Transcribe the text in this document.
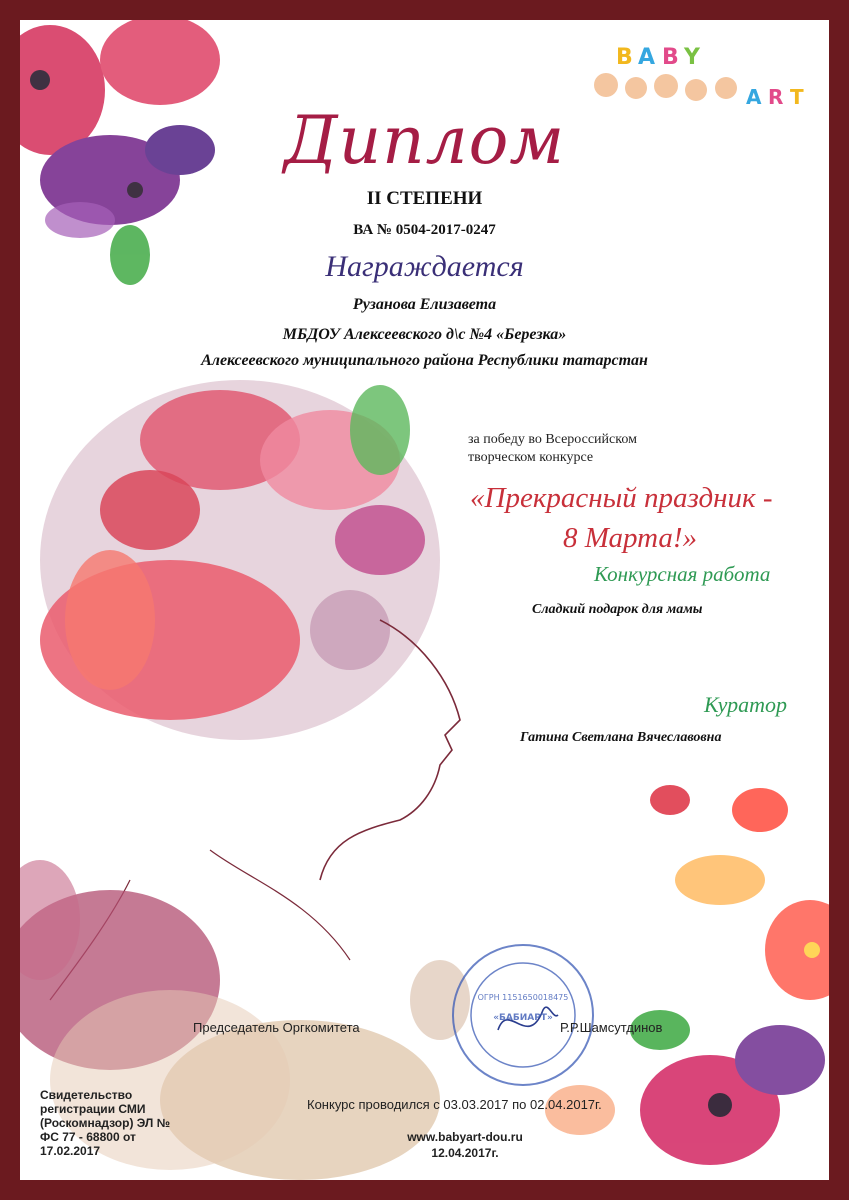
B A B Y
A R T
Диплом
II СТЕПЕНИ
ВА № 0504-2017-0247
Награждается
Рузанова Елизавета
МБДОУ Алексеевского д\с №4 «Березка»
Алексеевского муниципального района Республики татарстан
за победу во Всероссийском
творческом конкурсе
«Прекрасный праздник -
8 Марта!»
Конкурсная работа
Сладкий подарок для мамы
Куратор
Гатина Светлана Вячеславовна
ОГРН 1151650018475
«БАБИАРТ»
Председатель Оргкомитета	Р.Р.Шамсутдинов
Конкурс проводился с 03.03.2017 по 02.04.2017г.
www.babyart-dou.ru
12.04.2017г.
Свидетельство
регистрации СМИ
(Роскомнадзор) ЭЛ №
ФС 77 - 68800 от
17.02.2017
